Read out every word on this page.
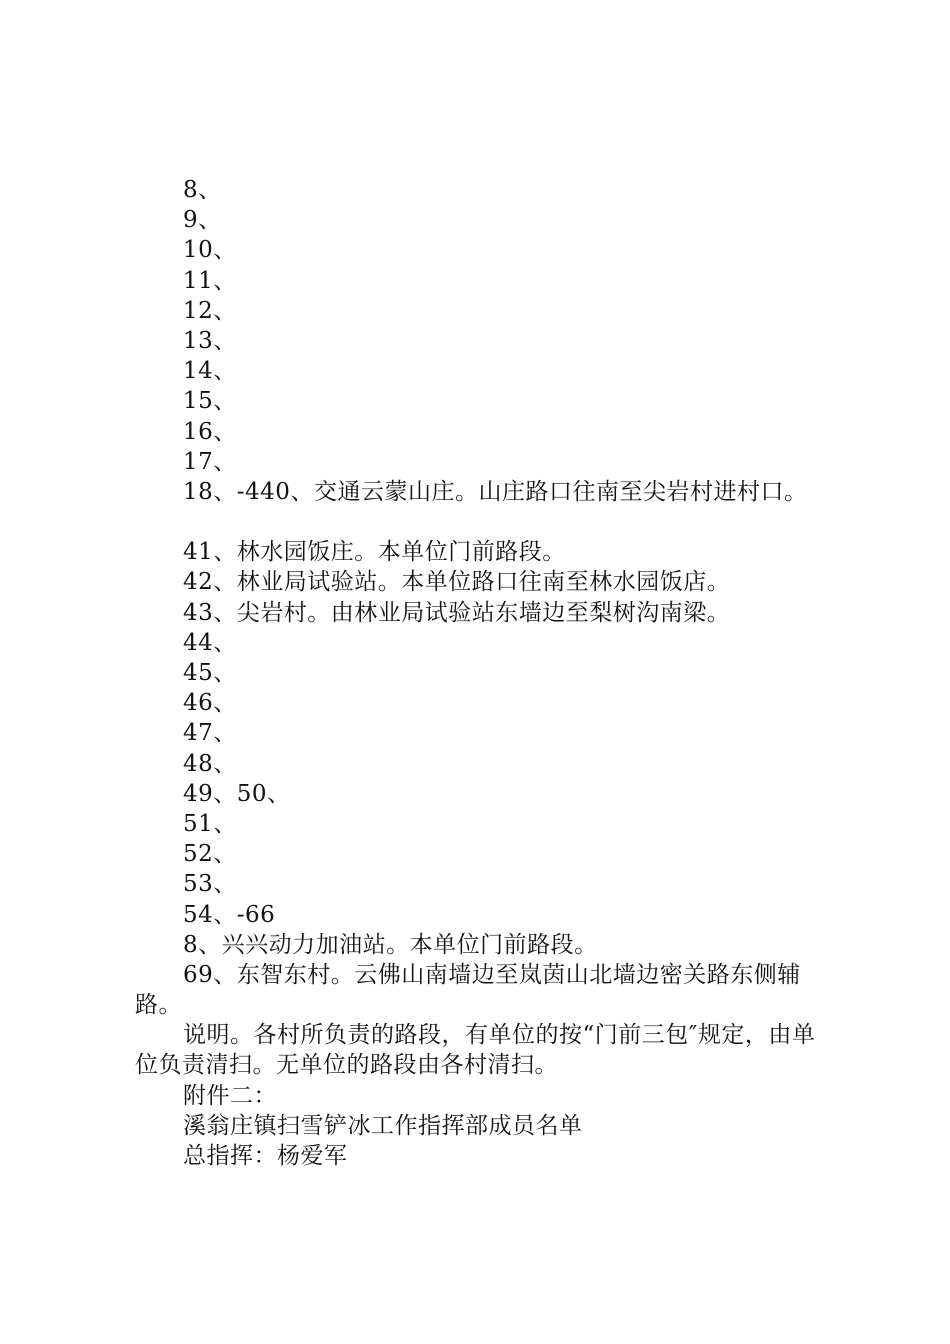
8、

9、

10、

11、

12、

13、

14、

15、

16、

17、

18、-440、交通云蒙山庄。山庄路口往南至尖岩村进村口。

41、林水园饭庄。本单位门前路段。

42、林业局试验站。本单位路口往南至林水园饭店。

43、尖岩村。由林业局试验站东墙边至梨树沟南梁。

44、

45、

46、

47、

48、

49、50、

51、

52、

53、

54、-66

8、兴兴动力加油站。本单位门前路段。

69、东智东村。云佛山南墙边至岚茵山北墙边密关路东侧辅路。

说明。各村所负责的路段，有单位的按“门前三包″规定，由单位负责清扫。无单位的路段由各村清扫。

附件二：

溪翁庄镇扫雪铲冰工作指挥部成员名单

总指挥：杨爱军
